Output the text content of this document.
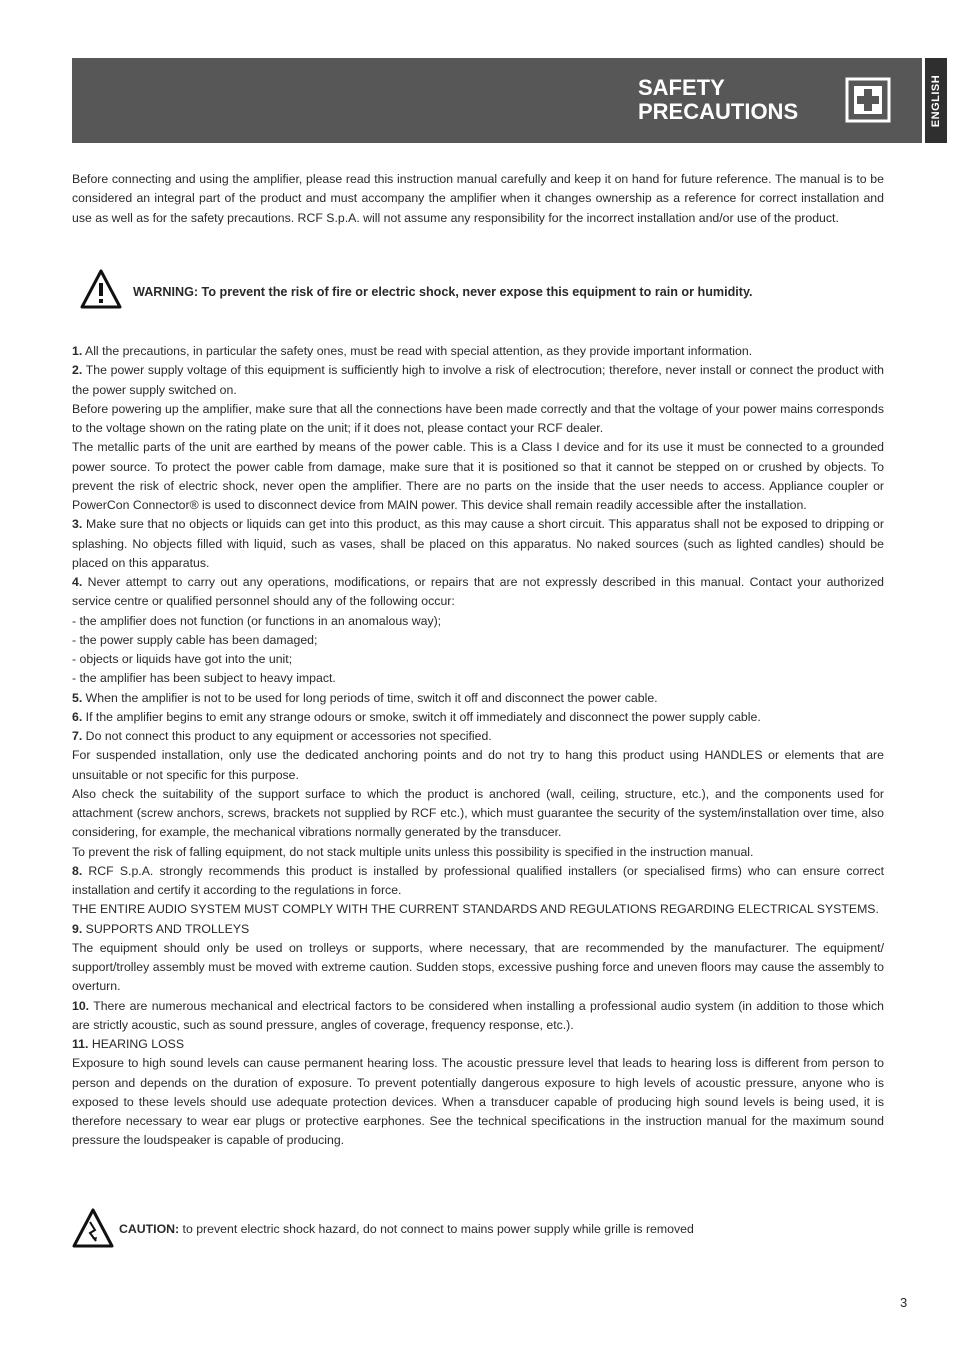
SAFETY
PRECAUTIONS	ENGLISH
Before connecting and using the amplifier, please read this instruction manual carefully and keep it on hand for future reference. The manual is to be considered an integral part of the product and must accompany the amplifier when it changes ownership as a reference for correct installation and use as well as for the safety precautions. RCF S.p.A. will not assume any responsibility for the incorrect installation and/or use of the product.
WARNING: To prevent the risk of fire or electric shock, never expose this equipment to rain or humidity.

1. All the precautions, in particular the safety ones, must be read with special attention, as they provide important information.

2. The power supply voltage of this equipment is sufficiently high to involve a risk of electrocution; therefore, never install or connect the product with the power supply switched on.

Before powering up the amplifier, make sure that all the connections have been made correctly and that the voltage of your power mains corresponds to the voltage shown on the rating plate on the unit; if it does not, please contact your RCF dealer.

The metallic parts of the unit are earthed by means of the power cable. This is a Class I device and for its use it must be connected to a grounded power source. To protect the power cable from damage, make sure that it is positioned so that it cannot be stepped on or crushed by objects. To prevent the risk of electric shock, never open the amplifier. There are no parts on the inside that the user needs to access. Appliance coupler or PowerCon Connector® is used to disconnect device from MAIN power. This device shall remain readily accessible after the installation.

3. Make sure that no objects or liquids can get into this product, as this may cause a short circuit. This apparatus shall not be exposed to dripping or splashing. No objects filled with liquid, such as vases, shall be placed on this apparatus. No naked sources (such as lighted candles) should be placed on this apparatus.

4. Never attempt to carry out any operations, modifications, or repairs that are not expressly described in this manual. Contact your authorized service centre or qualified personnel should any of the following occur:

- the amplifier does not function (or functions in an anomalous way);

- the power supply cable has been damaged;

- objects or liquids have got into the unit;

- the amplifier has been subject to heavy impact.

5. When the amplifier is not to be used for long periods of time, switch it off and disconnect the power cable.

6. If the amplifier begins to emit any strange odours or smoke, switch it off immediately and disconnect the power supply cable.

7. Do not connect this product to any equipment or accessories not specified.

For suspended installation, only use the dedicated anchoring points and do not try to hang this product using HANDLES or elements that are unsuitable or not specific for this purpose.

Also check the suitability of the support surface to which the product is anchored (wall, ceiling, structure, etc.), and the components used for attachment (screw anchors, screws, brackets not supplied by RCF etc.), which must guarantee the security of the system/installation over time, also considering, for example, the mechanical vibrations normally generated by the transducer.

To prevent the risk of falling equipment, do not stack multiple units unless this possibility is specified in the instruction manual.

8. RCF S.p.A. strongly recommends this product is installed by professional qualified installers (or specialised firms) who can ensure correct installation and certify it according to the regulations in force.

THE ENTIRE AUDIO SYSTEM MUST COMPLY WITH THE CURRENT STANDARDS AND REGULATIONS REGARDING ELECTRICAL SYSTEMS.

9. SUPPORTS AND TROLLEYS

The equipment should only be used on trolleys or supports, where necessary, that are recommended by the manufacturer. The equipment/ support/trolley assembly must be moved with extreme caution. Sudden stops, excessive pushing force and uneven floors may cause the assembly to overturn.

10. There are numerous mechanical and electrical factors to be considered when installing a professional audio system (in addition to those which are strictly acoustic, such as sound pressure, angles of coverage, frequency response, etc.).

11. HEARING LOSS

Exposure to high sound levels can cause permanent hearing loss. The acoustic pressure level that leads to hearing loss is different from person to person and depends on the duration of exposure. To prevent potentially dangerous exposure to high levels of acoustic pressure, anyone who is exposed to these levels should use adequate protection devices. When a transducer capable of producing high sound levels is being used, it is therefore necessary to wear ear plugs or protective earphones. See the technical specifications in the instruction manual for the maximum sound pressure the loudspeaker is capable of producing.

CAUTION: to prevent electric shock hazard, do not connect to mains power supply while grille is removed
3
